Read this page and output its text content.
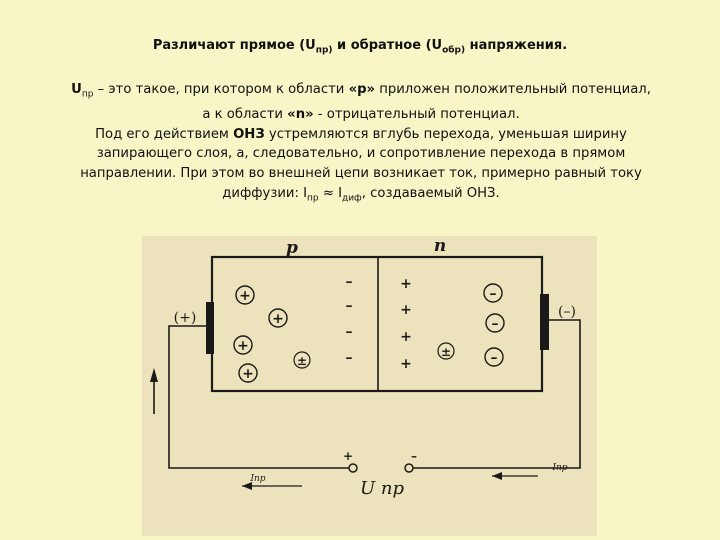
Различают прямое ($U_{пр)}$ и обратное ($U_{обр)}$ напряжения.
$U_{пр}$ – это такое, при котором к области «р» приложен положительный потенциал,
а к области «n» - отрицательный потенциал.
Под его действием ОНЗ устремляются вглубь перехода, уменьшая ширину
запирающего слоя, а, следовательно, и сопротивление перехода в прямом
направлении. При этом во внешней цепи возникает ток, примерно равный току
диффузии: $I_{пр} \approx I_{диф}$, создаваемый ОНЗ.
р	n
(+)	(–)
U пр
Iпр
Iпр
+	–
+
+
+
+
±
–
–
–
–
+
+
+
+
–
–
–
±
